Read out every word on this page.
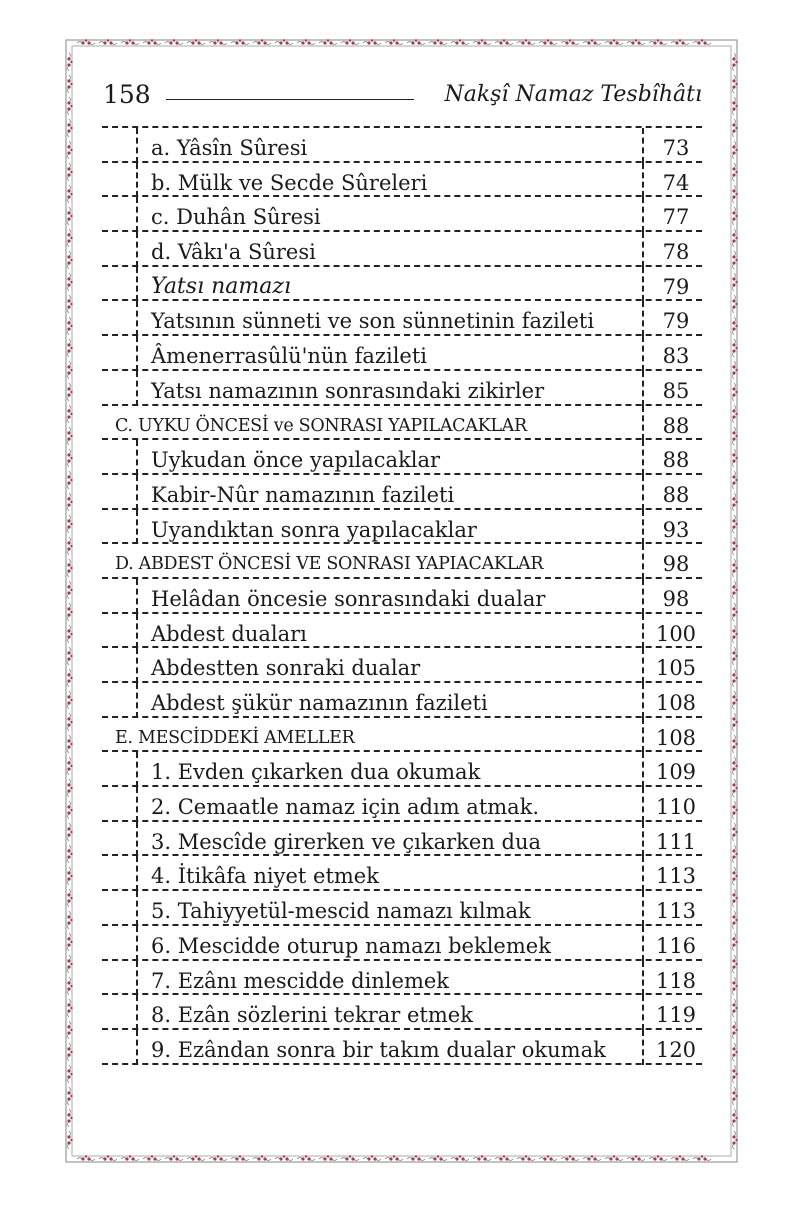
158	Nakşî Namaz Tesbîhâtı
a. Yâsîn Sûresi	73
b. Mülk ve Secde Sûreleri	74
c. Duhân Sûresi	77
d. Vâkı'a Sûresi	78
Yatsı namazı	79
Yatsının sünneti ve son sünnetinin fazileti	79
Âmenerrasûlü'nün fazileti	83
Yatsı namazının sonrasındaki zikirler	85
C. UYKU ÖNCESİ ve SONRASI YAPILACAKLAR	88
Uykudan önce yapılacaklar	88
Kabir-Nûr namazının fazileti	88
Uyandıktan sonra yapılacaklar	93
D. ABDEST ÖNCESİ VE SONRASI YAPIACAKLAR	98
Helâdan öncesie sonrasındaki dualar	98
Abdest duaları	100
Abdestten sonraki dualar	105
Abdest şükür namazının fazileti	108
E. MESCİDDEKİ AMELLER	108
1. Evden çıkarken dua okumak	109
2. Cemaatle namaz için adım atmak.	110
3. Mescîde girerken ve çıkarken dua	111
4. İtikâfa niyet etmek	113
5. Tahiyyetül-mescid namazı kılmak	113
6. Mescidde oturup namazı beklemek	116
7. Ezânı mescidde dinlemek	118
8. Ezân sözlerini tekrar etmek	119
9. Ezândan sonra bir takım dualar okumak	120
